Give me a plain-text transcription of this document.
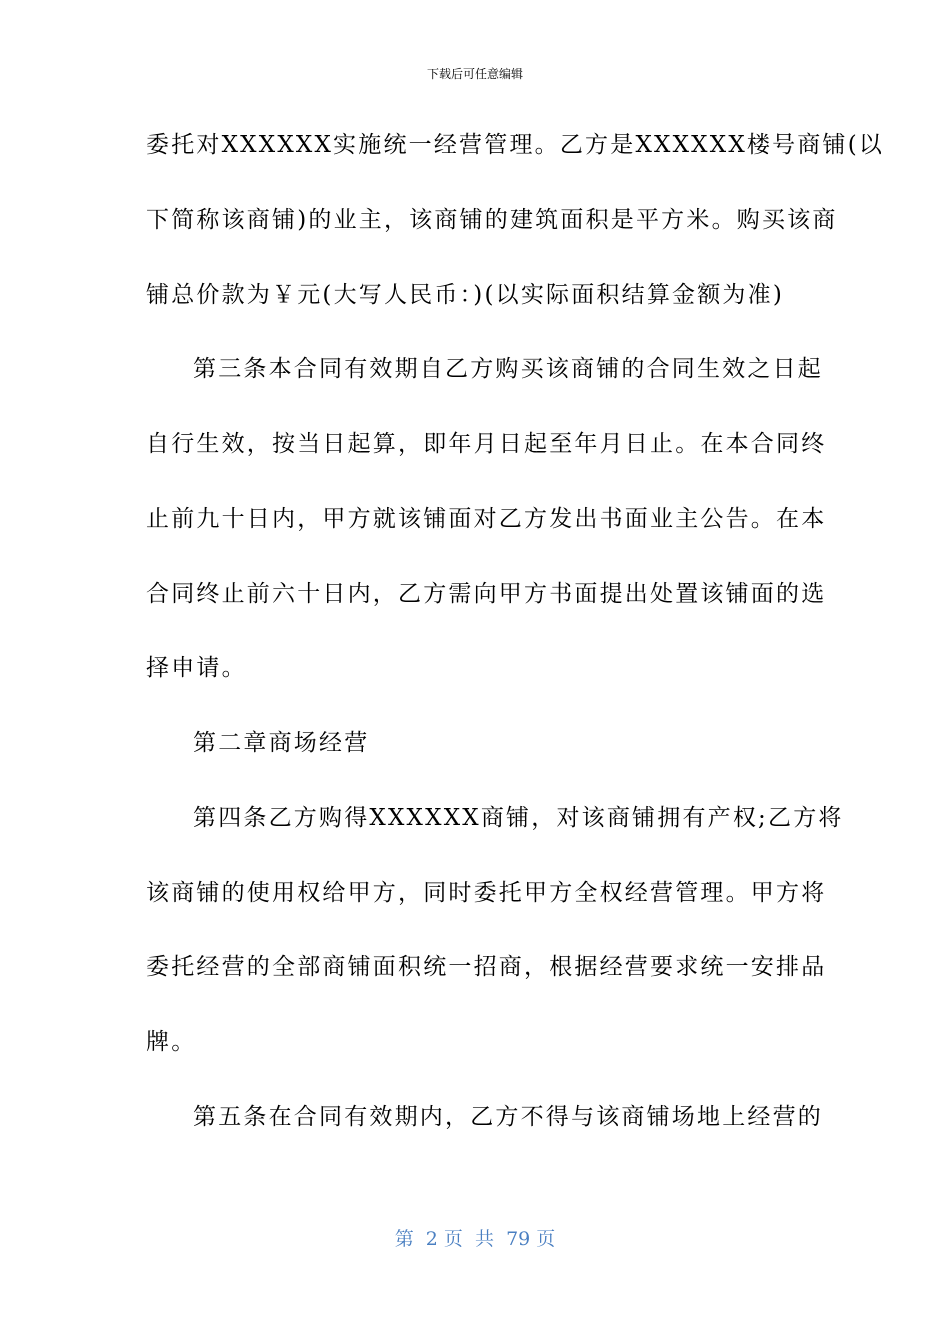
下载后可任意编辑
委托对XXXXXX实施统一经营管理。乙方是XXXXXX楼号商铺(以
下简称该商铺)的业主，该商铺的建筑面积是平方米。购买该商
铺总价款为￥元(大写人民币：)(以实际面积结算金额为准)
第三条本合同有效期自乙方购买该商铺的合同生效之日起
自行生效，按当日起算，即年月日起至年月日止。在本合同终
止前九十日内，甲方就该铺面对乙方发出书面业主公告。在本
合同终止前六十日内，乙方需向甲方书面提出处置该铺面的选
择申请。
第二章商场经营
第四条乙方购得XXXXXX商铺，对该商铺拥有产权;乙方将
该商铺的使用权给甲方，同时委托甲方全权经营管理。甲方将
委托经营的全部商铺面积统一招商，根据经营要求统一安排品
牌。
第五条在合同有效期内，乙方不得与该商铺场地上经营的
第  2 页  共  79 页
